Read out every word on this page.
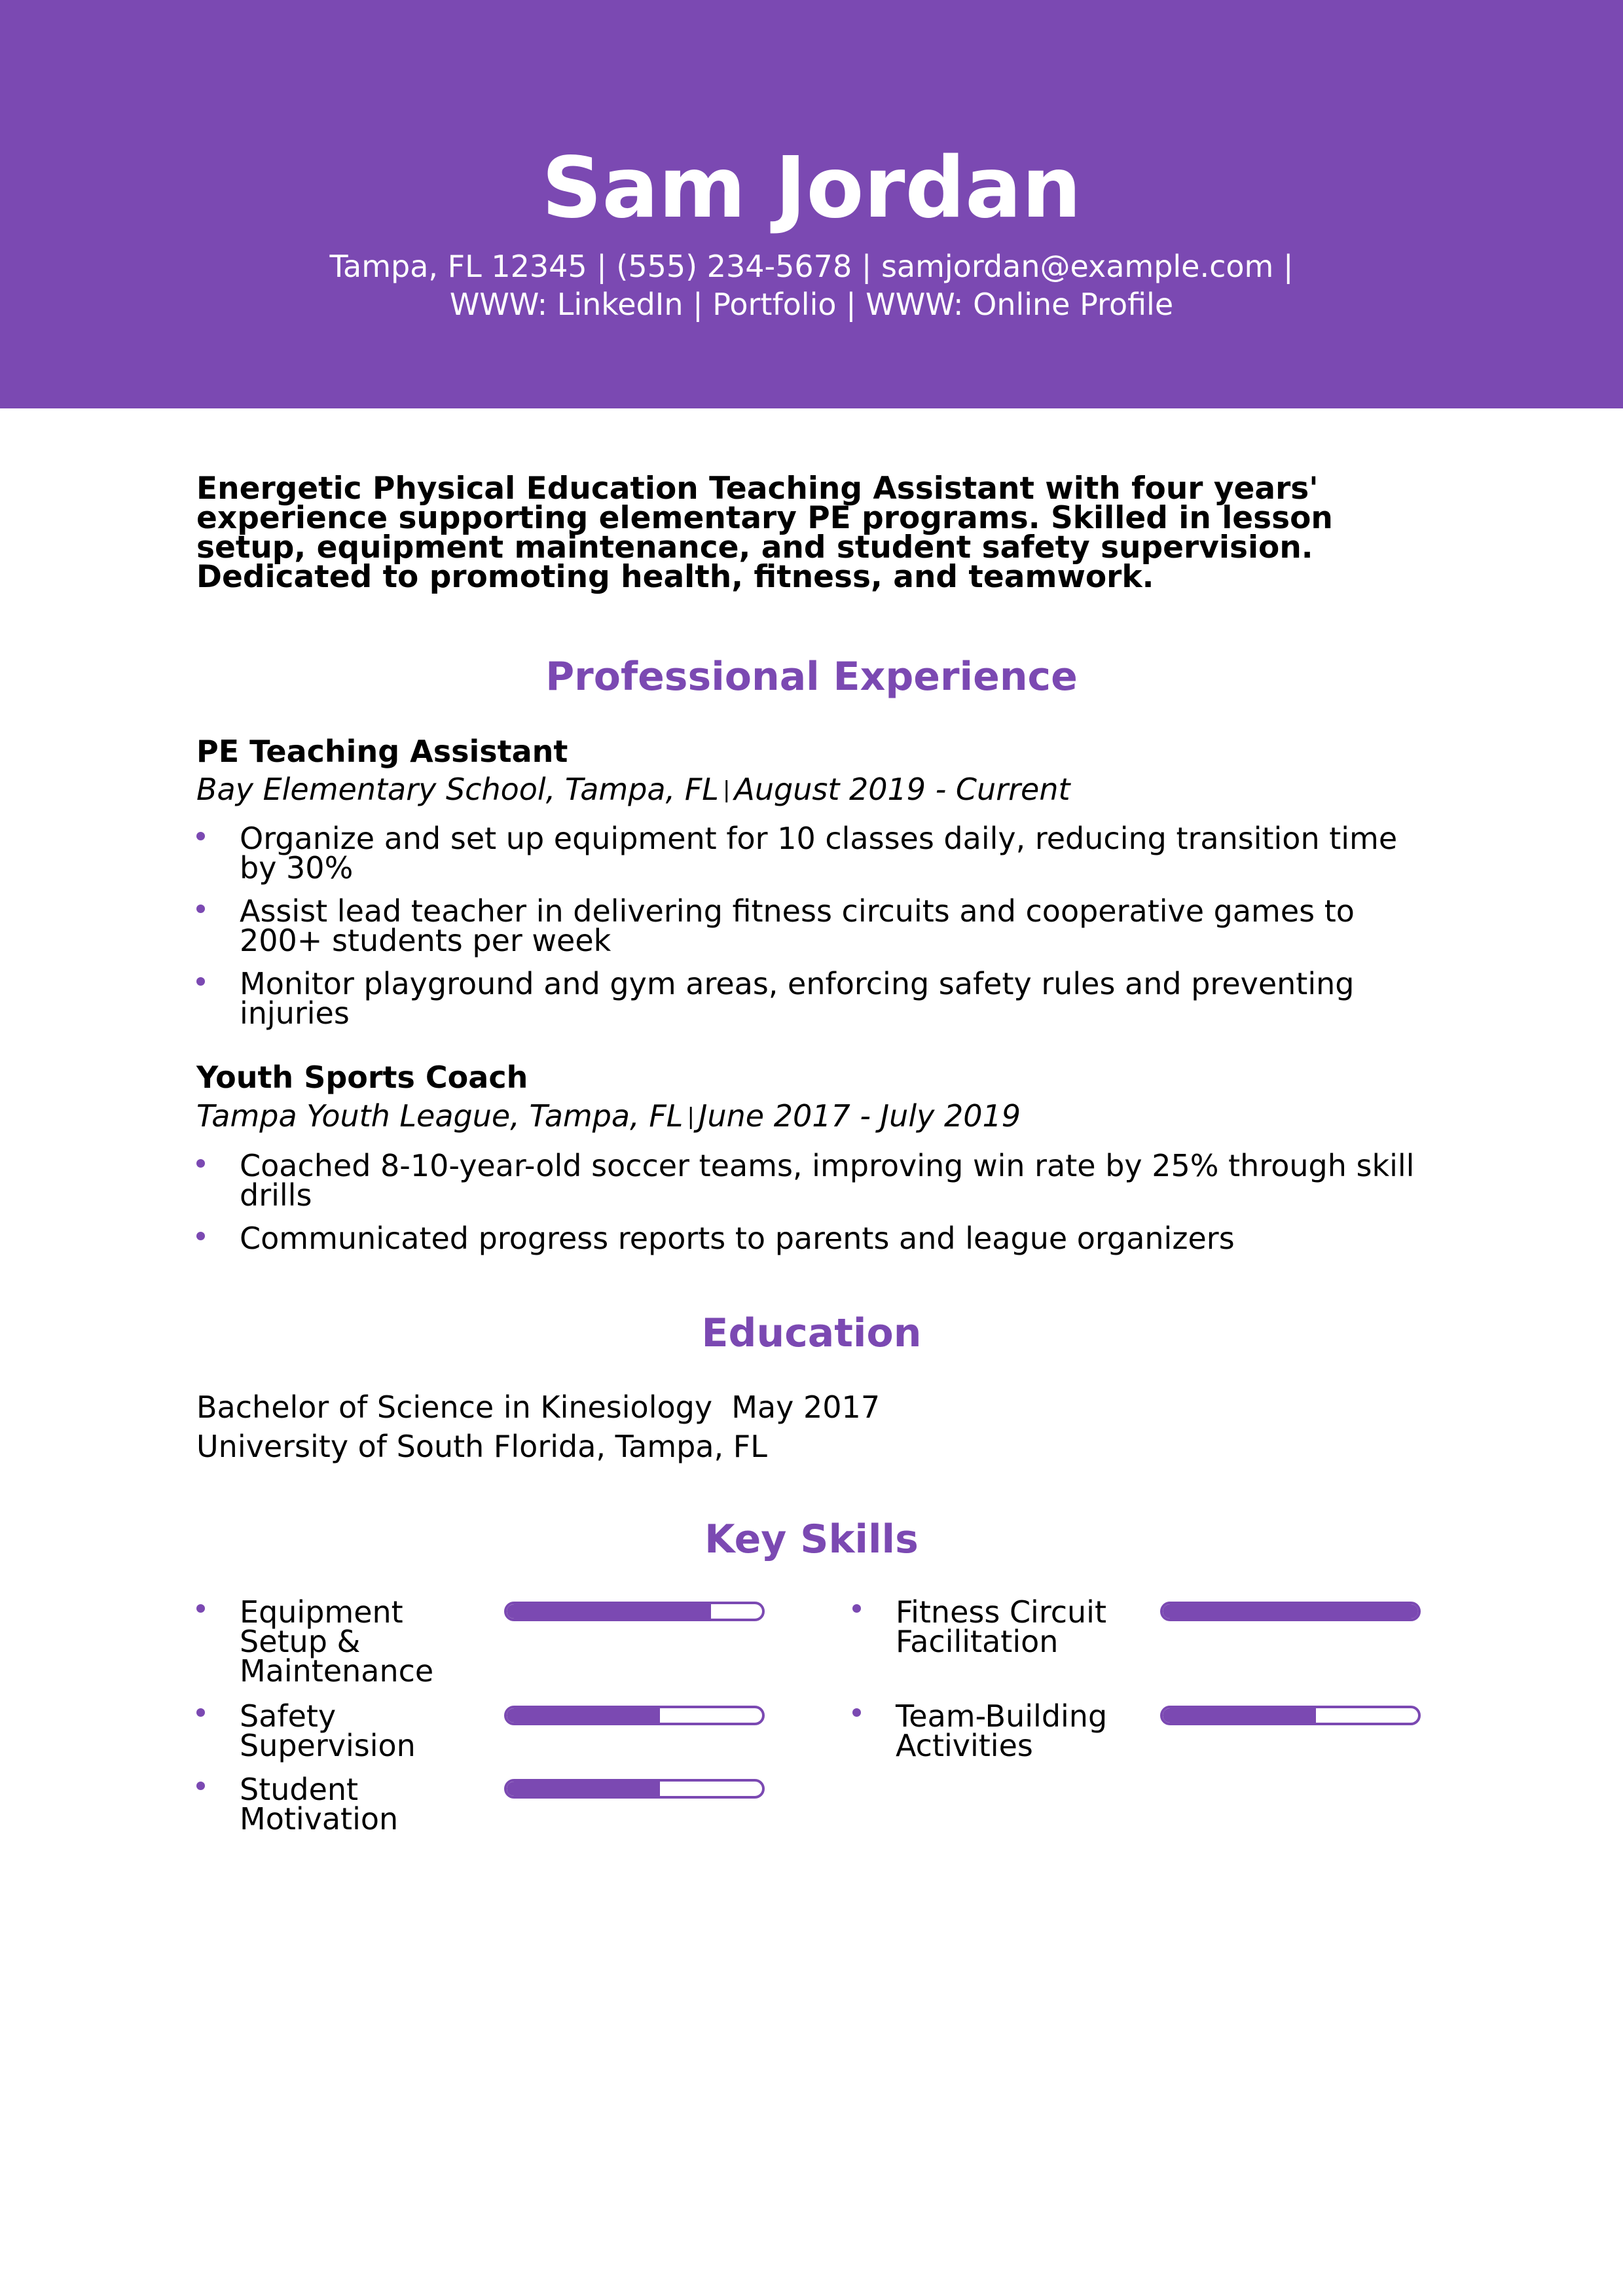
Sam Jordan
Tampa, FL 12345 | (555) 234-5678 | samjordan@example.com |
WWW: LinkedIn | Portfolio | WWW: Online Profile

Energetic Physical Education Teaching Assistant with four years' experience supporting elementary PE programs. Skilled in lesson setup, equipment maintenance, and student safety supervision. Dedicated to promoting health, fitness, and teamwork.

Professional Experience
PE Teaching Assistant
Bay Elementary School, Tampa, FL | August 2019 - Current
Organize and set up equipment for 10 classes daily, reducing transition time by 30%
Assist lead teacher in delivering fitness circuits and cooperative games to 200+ students per week
Monitor playground and gym areas, enforcing safety rules and preventing injuries
Youth Sports Coach
Tampa Youth League, Tampa, FL | June 2017 - July 2019
Coached 8-10-year-old soccer teams, improving win rate by 25% through skill drills
Communicated progress reports to parents and league organizers
Education
Bachelor of Science in Kinesiology May 2017
University of South Florida, Tampa, FL
Key Skills
Equipment Setup & Maintenance
Fitness Circuit Facilitation
Safety Supervision
Team-Building Activities
Student Motivation
